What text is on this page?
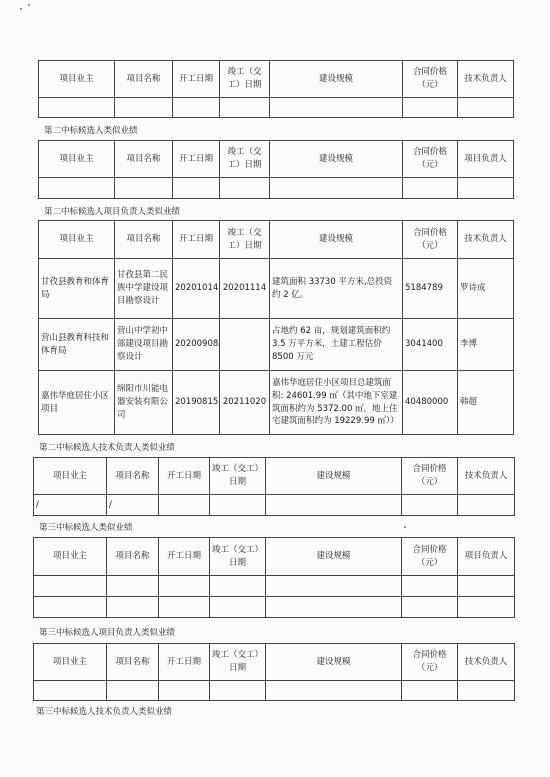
项目业主	项目名称	开工日期	竣工（交工）日期	建设规模	合同价格（元）	技术负责人

第二中标候选人类似业绩
项目业主	项目名称	开工日期	竣工（交工）日期	建设规模	合同价格（元）	项目负责人

第二中标候选人项目负责人类似业绩
项目业主	项目名称	开工日期	竣工（交工）日期	建设规模	合同价格（元）	技术负责人
甘孜县教育和体育局	甘孜县第二民族中学建设项目勘察设计	20201014	20201114	建筑面积 33730 平方米,总投资约 2 亿。	5184789	罗诗成
营山县教育科技和体育局	营山中学初中部建设项目勘察设计	20200908		占地约 62 亩，规划建筑面积约 3.5 万平方米，土建工程估价 8500 万元	3041400	李博
嘉伟华庭居住小区项目	绵阳市川能电器安装有限公司	20190815	20211020	嘉伟华庭居住小区项目总建筑面积: 24601.99 ㎡（其中地下室建筑面积约为 5372.00 ㎡，地上住宅建筑面积约为 19229.99 ㎡））	40480000	韩超
第二中标候选人技术负责人类似业绩
项目业主	项目名称	开工日期	竣工（交工）日期	建设规模	合同价格（元）	技术负责人
/	/					
第三中标候选人类似业绩
项目业主	项目名称	开工日期	竣工（交工）日期	建设规模	合同价格（元）	项目负责人

第三中标候选人项目负责人类似业绩
项目业主	项目名称	开工日期	竣工（交工）日期	建设规模	合同价格（元）	技术负责人

第三中标候选人技术负责人类似业绩
